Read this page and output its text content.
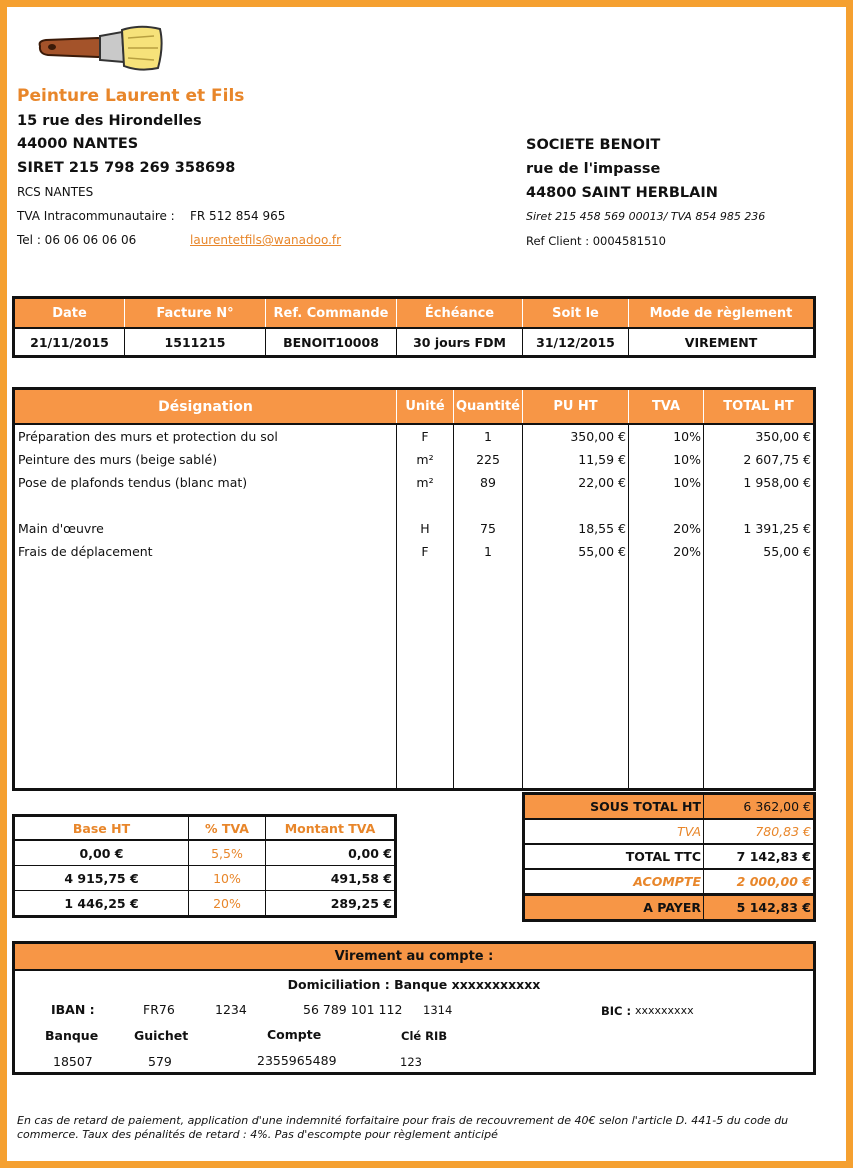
Peinture Laurent et Fils
15 rue des Hirondelles
44000 NANTES
SIRET 215 798 269 358698
RCS NANTES
TVA Intracommunautaire : FR 512 854 965
Tel : 06 06 06 06 06	laurentetfils@wanadoo.fr
SOCIETE BENOIT
rue de l'impasse
44800 SAINT HERBLAIN
Siret 215 458 569 00013/ TVA 854 985 236
Ref Client : 0004581510
Date	Facture N°	Ref. Commande	Échéance	Soit le	Mode de règlement
21/11/2015	1511215	BENOIT10008	30 jours FDM	31/12/2015	VIREMENT
Désignation	Unité	Quantité	PU HT	TVA	TOTAL HT
Préparation des murs et protection du sol	F	1	350,00 €	10%	350,00 €
Peinture des murs (beige sablé)	m²	225	11,59 €	10%	2 607,75 €
Pose de plafonds tendus (blanc mat)	m²	89	22,00 €	10%	1 958,00 €

Main d'œuvre	H	75	18,55 €	20%	1 391,25 €
Frais de déplacement	F	1	55,00 €	20%	55,00 €

Base HT	% TVA	Montant TVA
0,00 €	5,5%	0,00 €
4 915,75 €	10%	491,58 €
1 446,25 €	20%	289,25 €
SOUS TOTAL HT	6 362,00 €
TVA	780,83 €
TOTAL TTC	7 142,83 €
ACOMPTE	2 000,00 €
A PAYER	5 142,83 €
Virement au compte :
Domiciliation : Banque xxxxxxxxxxx
IBAN :	FR76	1234	56 789 101 112 1314	BIC : xxxxxxxxx
Banque	Guichet	Compte	Clé RIB
18507	579	2355965489	123
En cas de retard de paiement, application d'une indemnité forfaitaire pour frais de recouvrement de 40€ selon l'article D. 441-5 du code du commerce. Taux des pénalités de retard : 4%. Pas d'escompte pour règlement anticipé
